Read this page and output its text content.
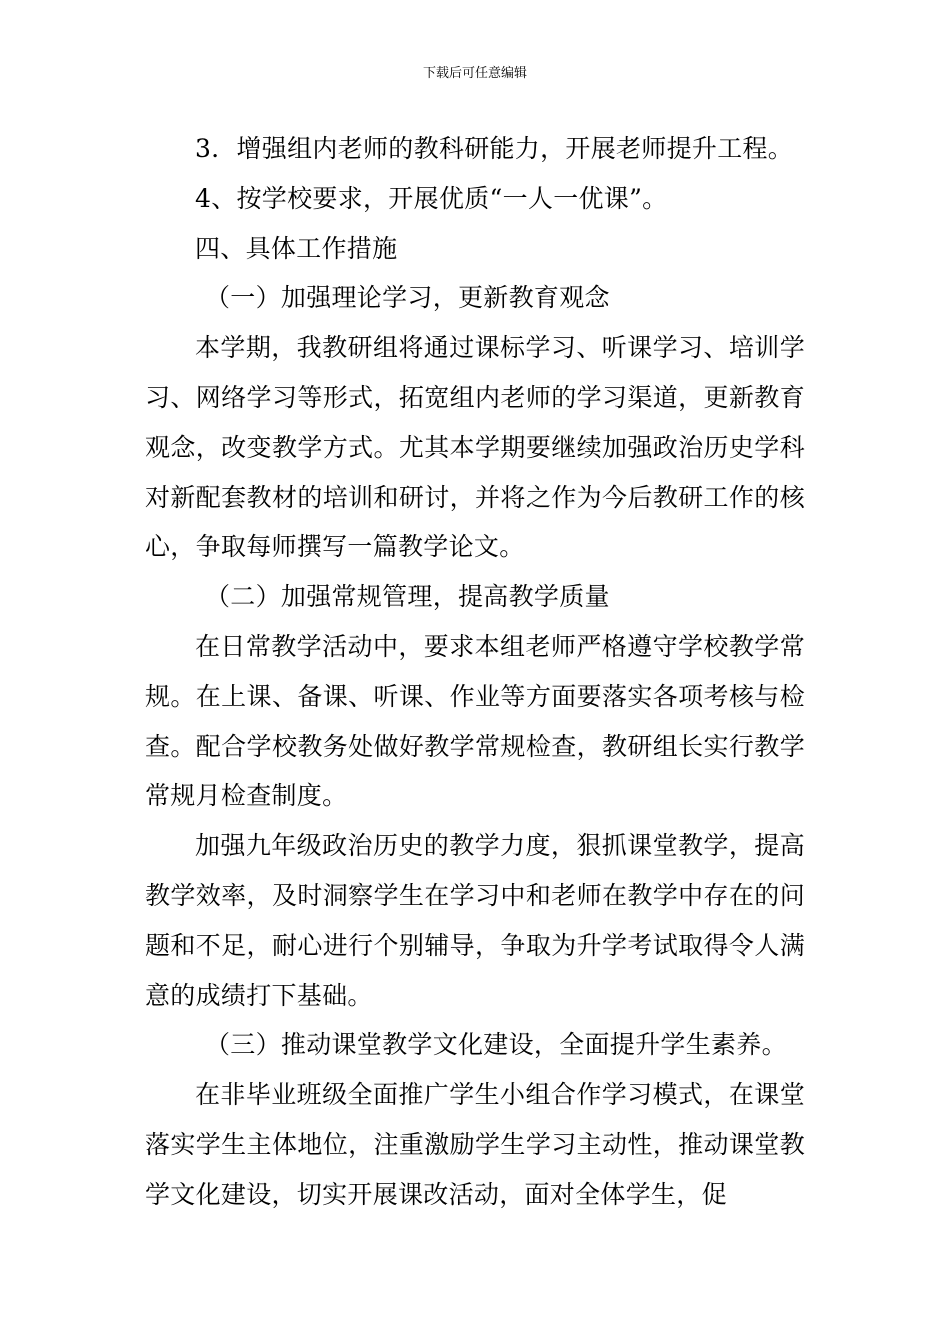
下载后可任意编辑

3．增强组内老师的教科研能力，开展老师提升工程。

4、按学校要求，开展优质“一人一优课”。

四、具体工作措施

（一）加强理论学习，更新教育观念

本学期，我教研组将通过课标学习、听课学习、培训学习、网络学习等形式，拓宽组内老师的学习渠道，更新教育观念，改变教学方式。尤其本学期要继续加强政治历史学科对新配套教材的培训和研讨，并将之作为今后教研工作的核心，争取每师撰写一篇教学论文。

（二）加强常规管理，提高教学质量

在日常教学活动中，要求本组老师严格遵守学校教学常规。在上课、备课、听课、作业等方面要落实各项考核与检查。配合学校教务处做好教学常规检查，教研组长实行教学常规月检查制度。

加强九年级政治历史的教学力度，狠抓课堂教学，提高教学效率，及时洞察学生在学习中和老师在教学中存在的问题和不足，耐心进行个别辅导，争取为升学考试取得令人满意的成绩打下基础。

（三）推动课堂教学文化建设，全面提升学生素养。

在非毕业班级全面推广学生小组合作学习模式，在课堂落实学生主体地位，注重激励学生学习主动性，推动课堂教学文化建设，切实开展课改活动，面对全体学生，促
